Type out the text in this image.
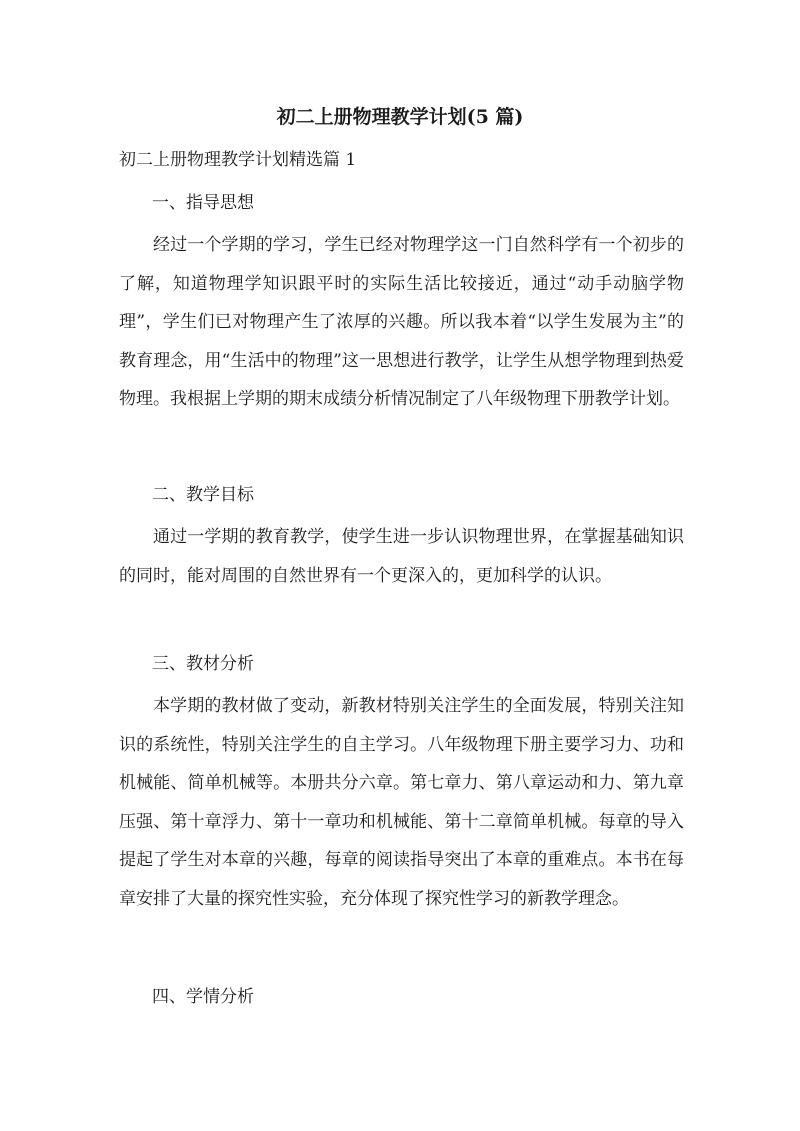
初二上册物理教学计划(5 篇)

初二上册物理教学计划精选篇 1

一、指导思想

经过一个学期的学习，学生已经对物理学这一门自然科学有一个初步的了解，知道物理学知识跟平时的实际生活比较接近，通过“动手动脑学物理”，学生们已对物理产生了浓厚的兴趣。所以我本着“以学生发展为主”的教育理念，用“生活中的物理”这一思想进行教学，让学生从想学物理到热爱物理。我根据上学期的期末成绩分析情况制定了八年级物理下册教学计划。

二、教学目标

通过一学期的教育教学，使学生进一步认识物理世界，在掌握基础知识的同时，能对周围的自然世界有一个更深入的，更加科学的认识。

三、教材分析

本学期的教材做了变动，新教材特别关注学生的全面发展，特别关注知识的系统性，特别关注学生的自主学习。八年级物理下册主要学习力、功和机械能、简单机械等。本册共分六章。第七章力、第八章运动和力、第九章压强、第十章浮力、第十一章功和机械能、第十二章简单机械。每章的导入提起了学生对本章的兴趣，每章的阅读指导突出了本章的重难点。本书在每章安排了大量的探究性实验，充分体现了探究性学习的新教学理念。

四、学情分析
